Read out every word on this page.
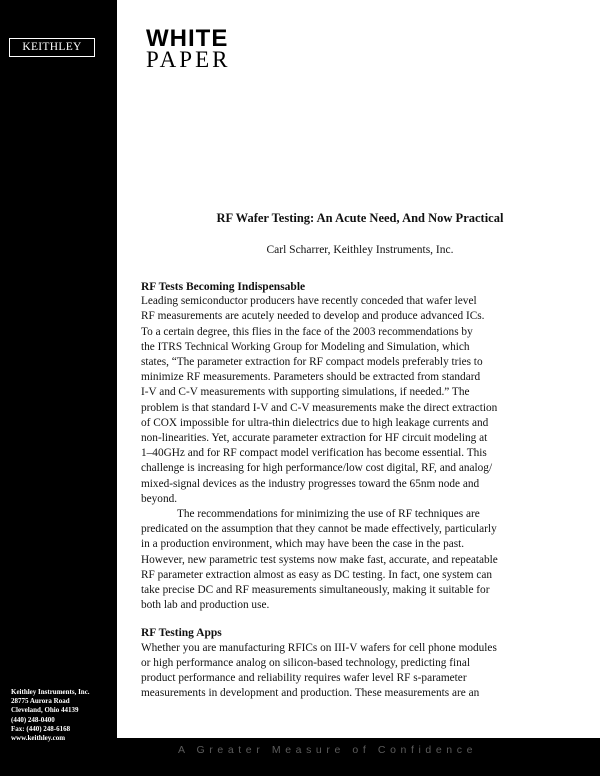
KEITHLEY
Keithley Instruments, Inc.
28775 Aurora Road
Cleveland, Ohio 44139
(440) 248-0400
Fax: (440) 248-6168
www.keithley.com
A Greater Measure of Confidence
WHITE
PAPER
RF Wafer Testing: An Acute Need, And Now Practical
Carl Scharrer, Keithley Instruments, Inc.
RF Tests Becoming Indispensable

Leading semiconductor producers have recently conceded that wafer level
RF measurements are acutely needed to develop and produce advanced ICs.
To a certain degree, this flies in the face of the 2003 recommendations by
the ITRS Technical Working Group for Modeling and Simulation, which
states, “The parameter extraction for RF compact models preferably tries to
minimize RF measurements. Parameters should be extracted from standard
I-V and C-V measurements with supporting simulations, if needed.” The
problem is that standard I-V and C-V measurements make the direct extraction
of COX impossible for ultra-thin dielectrics due to high leakage currents and
non-linearities. Yet, accurate parameter extraction for HF circuit modeling at
1–40GHz and for RF compact model verification has become essential. This
challenge is increasing for high performance/low cost digital, RF, and analog/
mixed-signal devices as the industry progresses toward the 65nm node and
beyond.

The recommendations for minimizing the use of RF techniques are
predicated on the assumption that they cannot be made effectively, particularly
in a production environment, which may have been the case in the past.
However, new parametric test systems now make fast, accurate, and repeatable
RF parameter extraction almost as easy as DC testing. In fact, one system can
take precise DC and RF measurements simultaneously, making it suitable for
both lab and production use.

RF Testing Apps

Whether you are manufacturing RFICs on III-V wafers for cell phone modules
or high performance analog on silicon-based technology, predicting final
product performance and reliability requires wafer level RF s-parameter
measurements in development and production. These measurements are an
